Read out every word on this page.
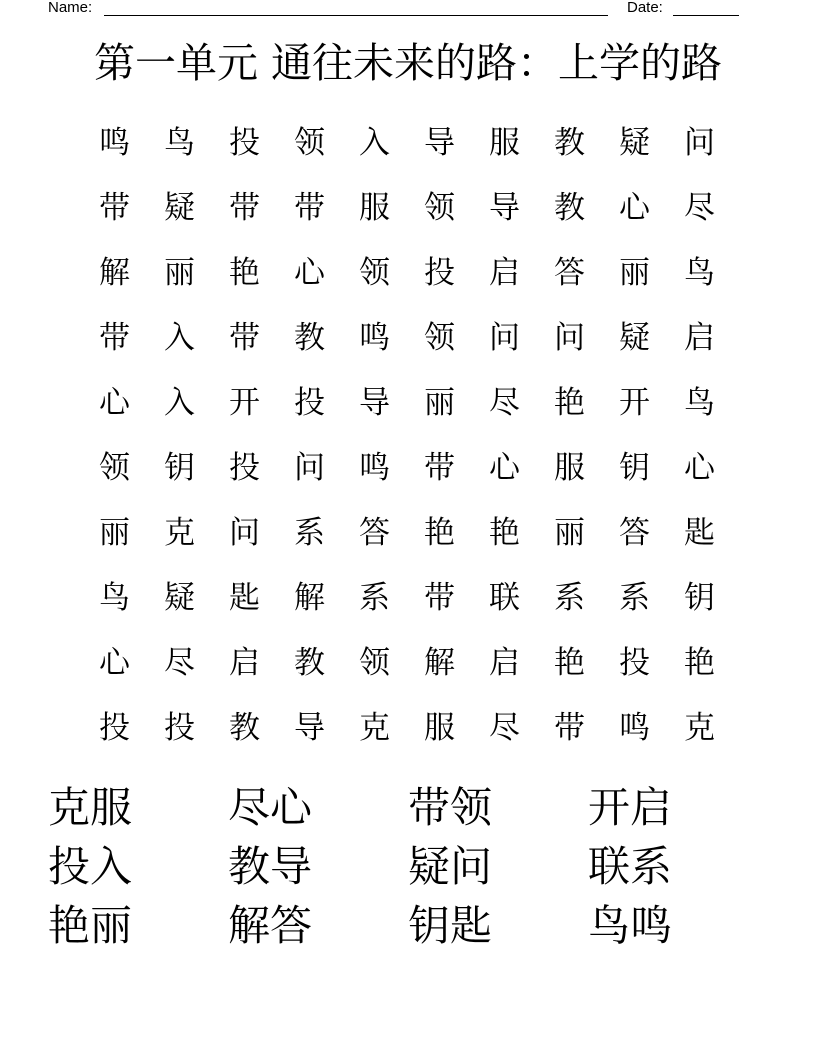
Name:	Date:
第一单元 通往未来的路：上学的路
鸣	鸟	投	领	入	导	服	教	疑	问
带	疑	带	带	服	领	导	教	心	尽
解	丽	艳	心	领	投	启	答	丽	鸟
带	入	带	教	鸣	领	问	问	疑	启
心	入	开	投	导	丽	尽	艳	开	鸟
领	钥	投	问	鸣	带	心	服	钥	心
丽	克	问	系	答	艳	艳	丽	答	匙
鸟	疑	匙	解	系	带	联	系	系	钥
心	尽	启	教	领	解	启	艳	投	艳
投	投	教	导	克	服	尽	带	鸣	克
克服	尽心	带领	开启
投入	教导	疑问	联系
艳丽	解答	钥匙	鸟鸣
